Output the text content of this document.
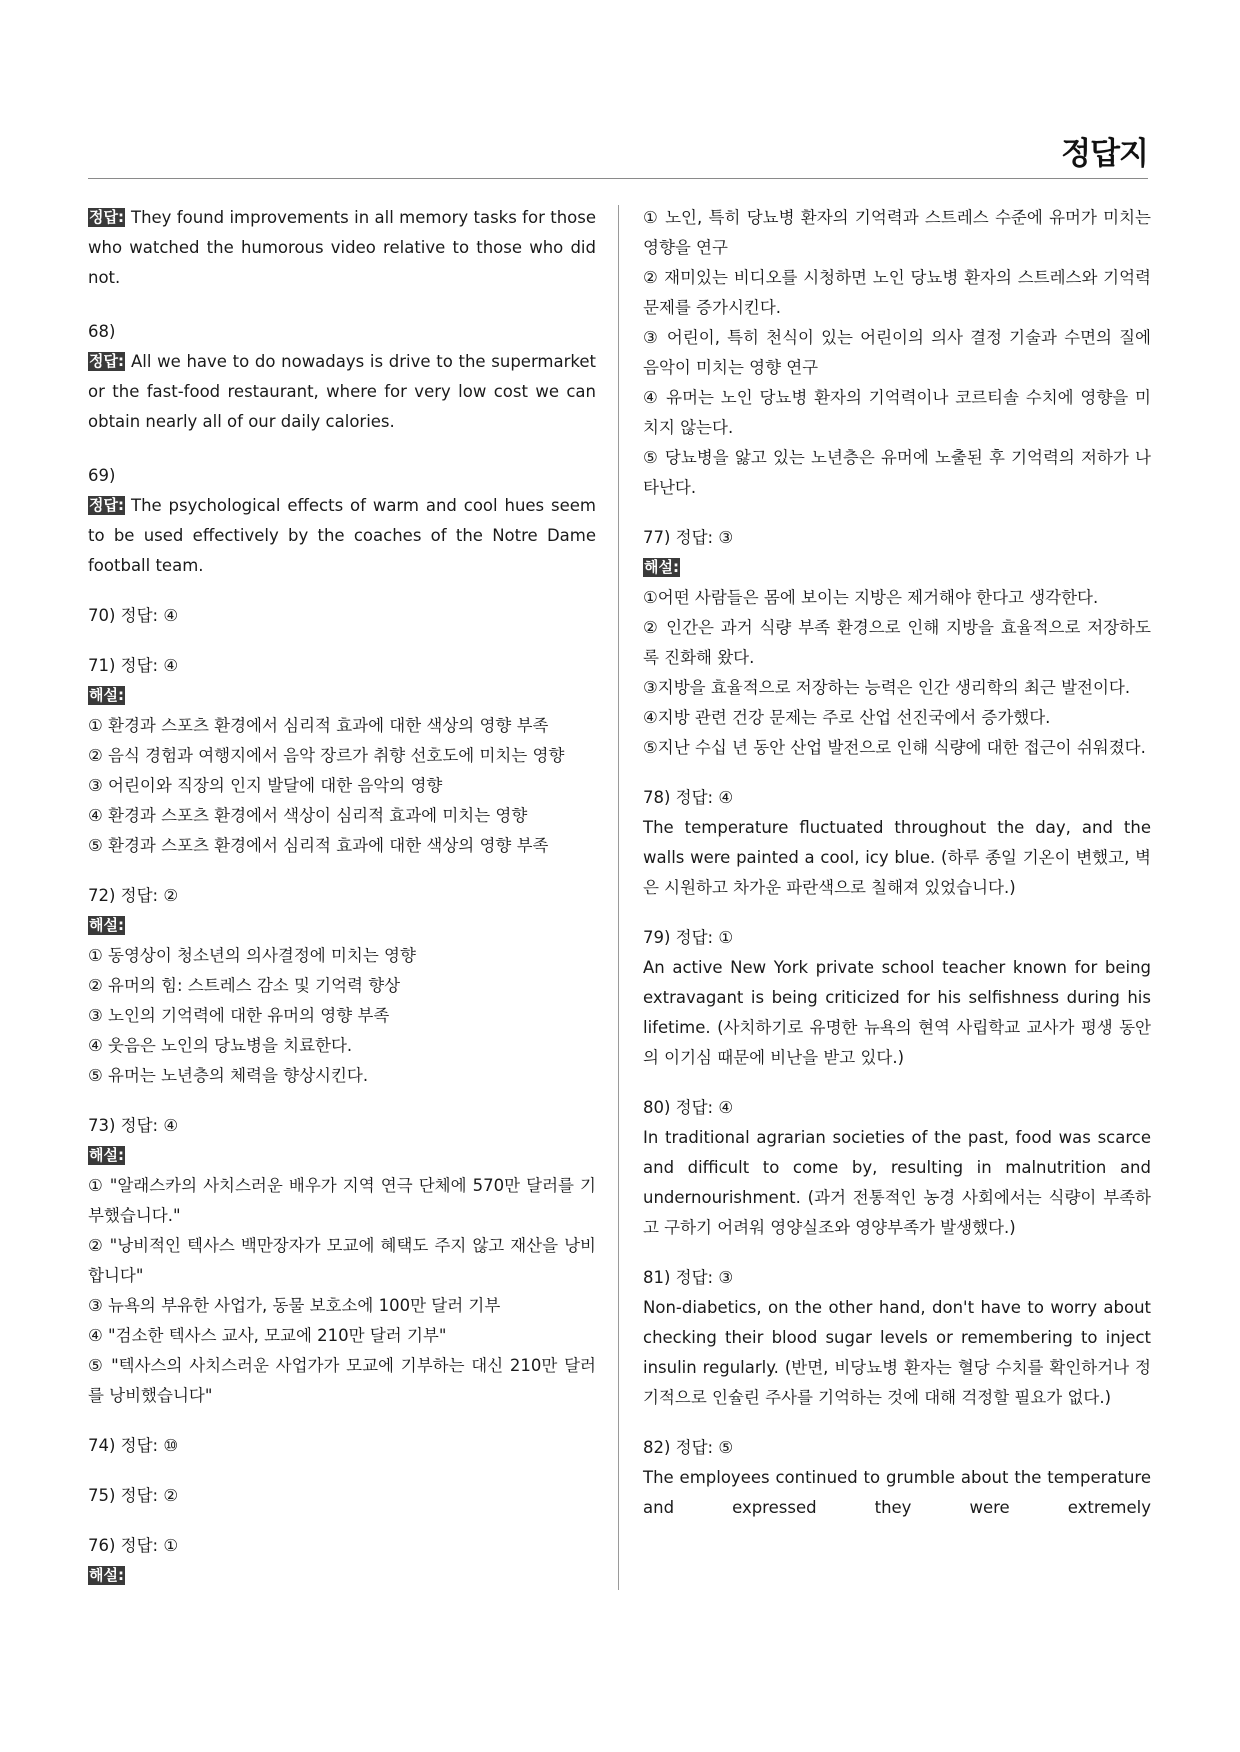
정답지
정답: They found improvements in all memory tasks for those who watched the humorous video relative to those who did not.
68)
정답: All we have to do nowadays is drive to the supermarket or the fast-food restaurant, where for very low cost we can obtain nearly all of our daily calories.
69)
정답: The psychological effects of warm and cool hues seem to be used effectively by the coaches of the Notre Dame football team.
70) 정답: ④
71) 정답: ④
해설:
① 환경과 스포츠 환경에서 심리적 효과에 대한 색상의 영향 부족
② 음식 경험과 여행지에서 음악 장르가 취향 선호도에 미치는 영향
③ 어린이와 직장의 인지 발달에 대한 음악의 영향
④ 환경과 스포츠 환경에서 색상이 심리적 효과에 미치는 영향
⑤ 환경과 스포츠 환경에서 심리적 효과에 대한 색상의 영향 부족
72) 정답: ②
해설:
① 동영상이 청소년의 의사결정에 미치는 영향
② 유머의 힘: 스트레스 감소 및 기억력 향상
③ 노인의 기억력에 대한 유머의 영향 부족
④ 웃음은 노인의 당뇨병을 치료한다.
⑤ 유머는 노년층의 체력을 향상시킨다.
73) 정답: ④
해설:
① "알래스카의 사치스러운 배우가 지역 연극 단체에 570만 달러를 기부했습니다."
② "낭비적인 텍사스 백만장자가 모교에 혜택도 주지 않고 재산을 낭비합니다"
③ 뉴욕의 부유한 사업가, 동물 보호소에 100만 달러 기부
④ "검소한 텍사스 교사, 모교에 210만 달러 기부"
⑤ "텍사스의 사치스러운 사업가가 모교에 기부하는 대신 210만 달러를 낭비했습니다"
74) 정답: ⑩
75) 정답: ②
76) 정답: ①
해설:
① 노인, 특히 당뇨병 환자의 기억력과 스트레스 수준에 유머가 미치는 영향을 연구
② 재미있는 비디오를 시청하면 노인 당뇨병 환자의 스트레스와 기억력 문제를 증가시킨다.
③ 어린이, 특히 천식이 있는 어린이의 의사 결정 기술과 수면의 질에 음악이 미치는 영향 연구
④ 유머는 노인 당뇨병 환자의 기억력이나 코르티솔 수치에 영향을 미치지 않는다.
⑤ 당뇨병을 앓고 있는 노년층은 유머에 노출된 후 기억력의 저하가 나타난다.
77) 정답: ③
해설:
①어떤 사람들은 몸에 보이는 지방은 제거해야 한다고 생각한다.
② 인간은 과거 식량 부족 환경으로 인해 지방을 효율적으로 저장하도록 진화해 왔다.
③지방을 효율적으로 저장하는 능력은 인간 생리학의 최근 발전이다.
④지방 관련 건강 문제는 주로 산업 선진국에서 증가했다.
⑤지난 수십 년 동안 산업 발전으로 인해 식량에 대한 접근이 쉬워졌다.
78) 정답: ④
The temperature fluctuated throughout the day, and the walls were painted a cool, icy blue. (하루 종일 기온이 변했고, 벽은 시원하고 차가운 파란색으로 칠해져 있었습니다.)
79) 정답: ①
An active New York private school teacher known for being extravagant is being criticized for his selfishness during his lifetime. (사치하기로 유명한 뉴욕의 현역 사립학교 교사가 평생 동안의 이기심 때문에 비난을 받고 있다.)
80) 정답: ④
In traditional agrarian societies of the past, food was scarce and difficult to come by, resulting in malnutrition and undernourishment. (과거 전통적인 농경 사회에서는 식량이 부족하고 구하기 어려워 영양실조와 영양부족가 발생했다.)
81) 정답: ③
Non-diabetics, on the other hand, don't have to worry about checking their blood sugar levels or remembering to inject insulin regularly. (반면, 비당뇨병 환자는 혈당 수치를 확인하거나 정기적으로 인슐린 주사를 기억하는 것에 대해 걱정할 필요가 없다.)
82) 정답: ⑤
The employees continued to grumble about the temperature and expressed they were extremely
